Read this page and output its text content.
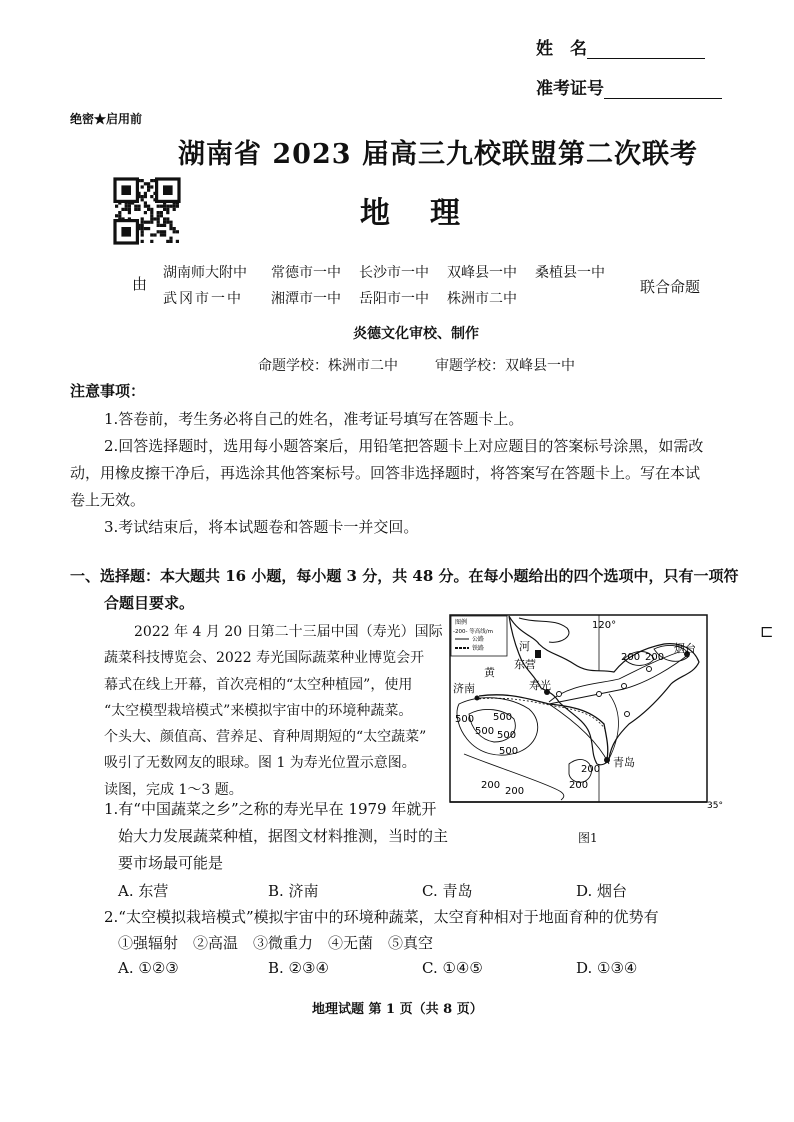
姓　名
准考证号
绝密★启用前
湖南省 2023 届高三九校联盟第二次联考
地理
由
湖南师大附中 常德市一中 长沙市一中 双峰县一中 桑植县一中
武冈市一中 湘潭市一中 岳阳市一中 株洲市二中
联合命题
炎德文化审校、制作
命题学校：株洲市二中	审题学校：双峰县一中
注意事项：
1.答卷前，考生务必将自己的姓名，准考证号填写在答题卡上。
2.回答选择题时，选用每小题答案后，用铅笔把答题卡上对应题目的答案标号涂黑，如需改
动，用橡皮擦干净后，再选涂其他答案标号。回答非选择题时，将答案写在答题卡上。写在本试
卷上无效。
3.考试结束后，将本试题卷和答题卡一并交回。
一、选择题：本大题共 16 小题，每小题 3 分，共 48 分。在每小题给出的四个选项中，只有一项符
合题目要求。
2022 年 4 月 20 日第二十三届中国（寿光）国际
蔬菜科技博览会、2022 寿光国际蔬菜种业博览会开
幕式在线上开幕，首次亮相的“太空种植园”，使用
“太空模型栽培模式”来模拟宇宙中的环境种蔬菜。
个头大、颜值高、营养足、育种周期短的“太空蔬菜”
吸引了无数网友的眼球。图 1 为寿光位置示意图。
读图，完成 1～3 题。
图例
-200- 等高线/m
公路
铁路
120°
35°
黄
河
东营
寿光
济南
烟台
青岛
200 200
500
500
500
500
500
200
200
200
200
⊏
图1
1.有“中国蔬菜之乡”之称的寿光早在 1979 年就开
始大力发展蔬菜种植，据图文材料推测，当时的主
要市场最可能是
A. 东营	B. 济南	C. 青岛	D. 烟台
2.“太空模拟栽培模式”模拟宇宙中的环境种蔬菜，太空育种相对于地面育种的优势有
①强辐射　②高温　③微重力　④无菌　⑤真空
A. ①②③	B. ②③④	C. ①④⑤	D. ①③④
地理试题 第 1 页（共 8 页）
